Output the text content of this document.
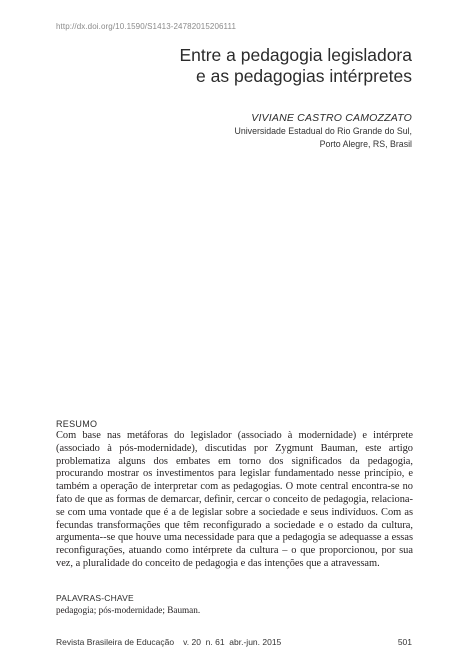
http://dx.doi.org/10.1590/S1413-24782015206111
Entre a pedagogia legisladora
e as pedagogias intérpretes
VIVIANE CASTRO CAMOZZATO
Universidade Estadual do Rio Grande do Sul,
Porto Alegre, RS, Brasil
RESUMO

Com base nas metáforas do legislador (associado à modernidade) e intérprete (associado à pós-modernidade), discutidas por Zygmunt Bauman, este artigo problematiza alguns dos embates em torno dos significados da pedagogia, procurando mostrar os investimentos para legislar fundamentado nesse princípio, e também a operação de interpretar com as pedagogias. O mote central encontra-se no fato de que as formas de demarcar, definir, cercar o conceito de pedagogia, relaciona-se com uma vontade que é a de legislar sobre a sociedade e seus indivíduos. Com as fecundas transformações que têm reconfigurado a sociedade e o estado da cultura, argumenta--se que houve uma necessidade para que a pedagogia se adequasse a essas reconfigurações, atuando como intérprete da cultura – o que proporcionou, por sua vez, a pluralidade do conceito de pedagogia e das intenções que a atravessam.

PALAVRAS-CHAVE
pedagogia; pós-modernidade; Bauman.
Revista Brasileira de Educação v. 20 n. 61 abr.-jun. 2015	501
